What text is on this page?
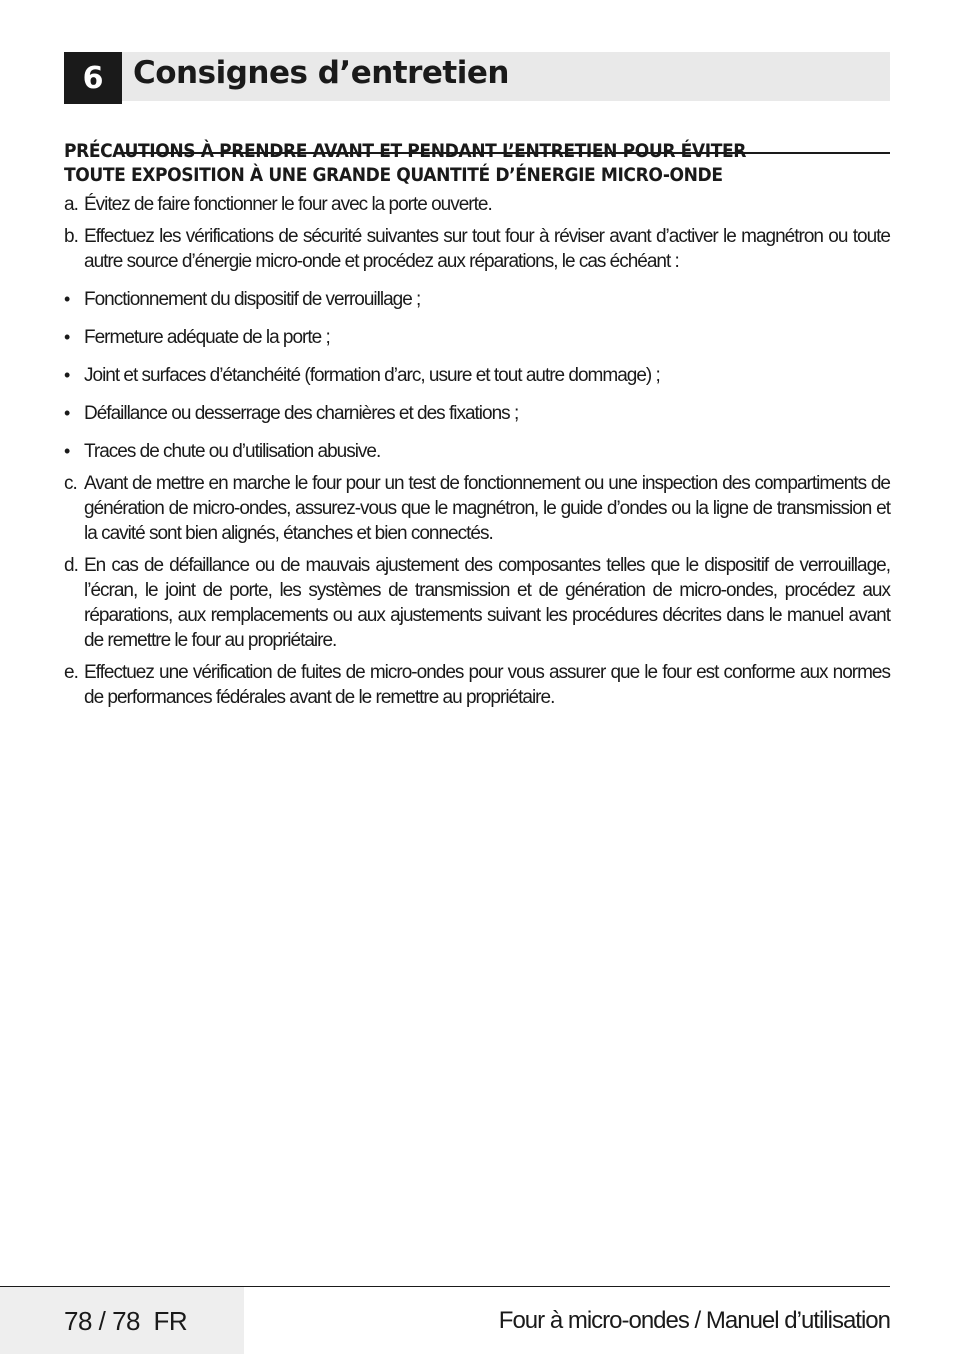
6 Consignes d’entretien
PRÉCAUTIONS À PRENDRE AVANT ET PENDANT L’ENTRETIEN POUR ÉVITER
TOUTE EXPOSITION À UNE GRANDE QUANTITÉ D’ÉNERGIE MICRO-ONDE
a. Évitez de faire fonctionner le four avec la porte ouverte.
b. Effectuez les vérifications de sécurité suivantes sur tout four à réviser avant d’activer le magnétron ou toute autre source d’énergie micro-onde et procédez aux réparations, le cas échéant :
• Fonctionnement du dispositif de verrouillage ;
• Fermeture adéquate de la porte ;
• Joint et surfaces d’étanchéité (formation d’arc, usure et tout autre dommage) ;
• Défaillance ou desserrage des charnières et des fixations ;
• Traces de chute ou d’utilisation abusive.
c. Avant de mettre en marche le four pour un test de fonctionnement ou une inspection des compartiments de génération de micro-ondes, assurez-vous que le magnétron, le guide d’ondes ou la ligne de transmission et la cavité sont bien alignés, étanches et bien connectés.
d. En cas de défaillance ou de mauvais ajustement des composantes telles que le dispositif de verrouillage, l’écran, le joint de porte, les systèmes de transmission et de génération de micro-ondes, procédez aux réparations, aux remplacements ou aux ajustements suivant les procédures décrites dans le manuel avant de remettre le four au propriétaire.
e. Effectuez une vérification de fuites de micro-ondes pour vous assurer que le four est conforme aux normes de performances fédérales avant de le remettre au propriétaire.
78 / 78  FR	Four à micro-ondes / Manuel d’utilisation
